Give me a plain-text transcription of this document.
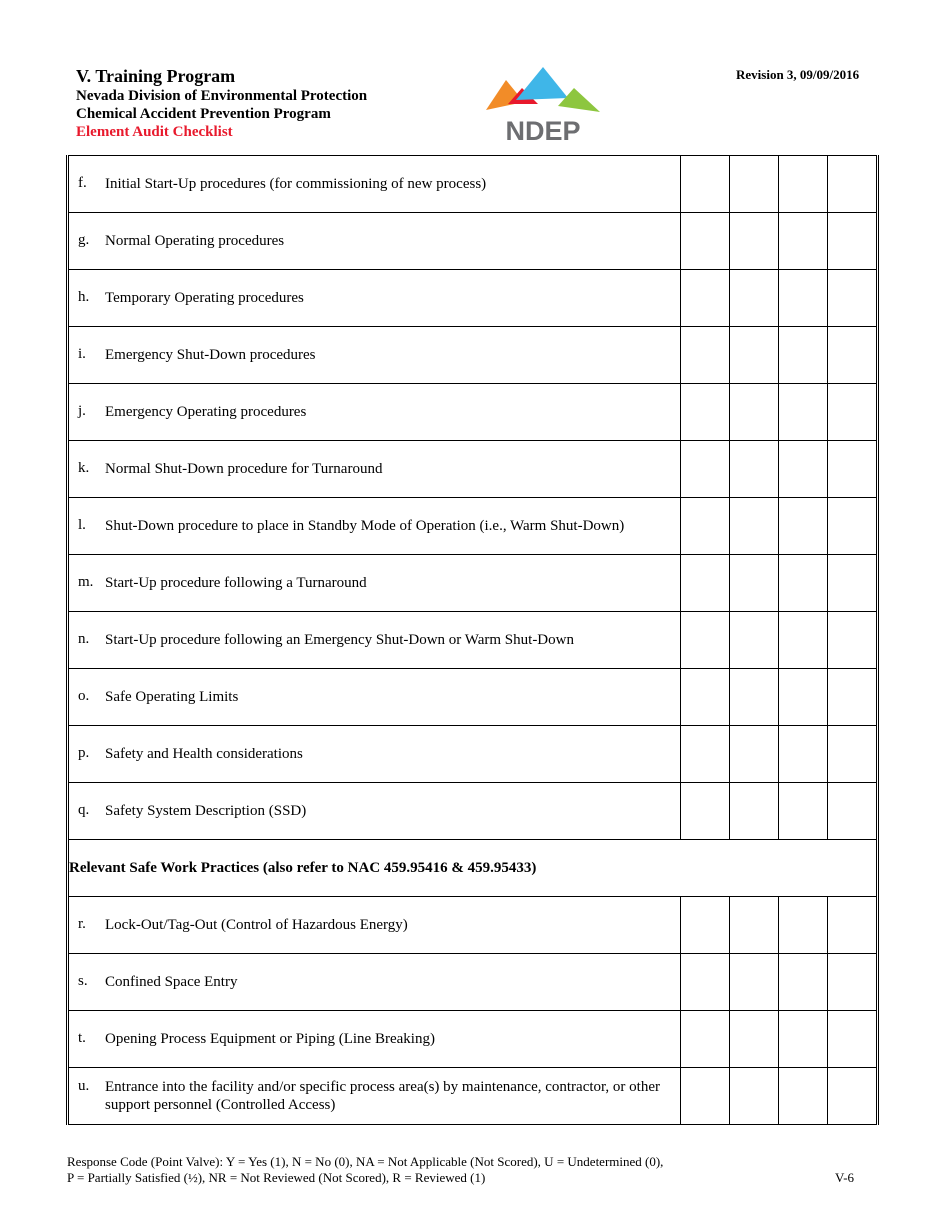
V. Training Program
Nevada Division of Environmental Protection
Chemical Accident Prevention Program
Element Audit Checklist
Revision 3, 09/09/2016
NDEP
f. Initial Start-Up procedures (for commissioning of new process)				

g. Normal Operating procedures				

h. Temporary Operating procedures				

i. Emergency Shut-Down procedures				

j. Emergency Operating procedures				

k. Normal Shut-Down procedure for Turnaround				

l. Shut-Down procedure to place in Standby Mode of Operation (i.e., Warm Shut-Down)				

m. Start-Up procedure following a Turnaround				

n. Start-Up procedure following an Emergency Shut-Down or Warm Shut-Down				

o. Safe Operating Limits				

p. Safety and Health considerations				

q. Safety System Description (SSD)				

Relevant Safe Work Practices (also refer to NAC 459.95416 & 459.95433)				

r. Lock-Out/Tag-Out (Control of Hazardous Energy)				

s. Confined Space Entry				

t. Opening Process Equipment or Piping (Line Breaking)				

u. Entrance into the facility and/or specific process area(s) by maintenance, contractor, or other support personnel (Controlled Access)				

Response Code (Point Valve): Y = Yes (1), N = No (0), NA = Not Applicable (Not Scored), U = Undetermined (0),
P = Partially Satisfied (½), NR = Not Reviewed (Not Scored), R = Reviewed (1)	V-6
